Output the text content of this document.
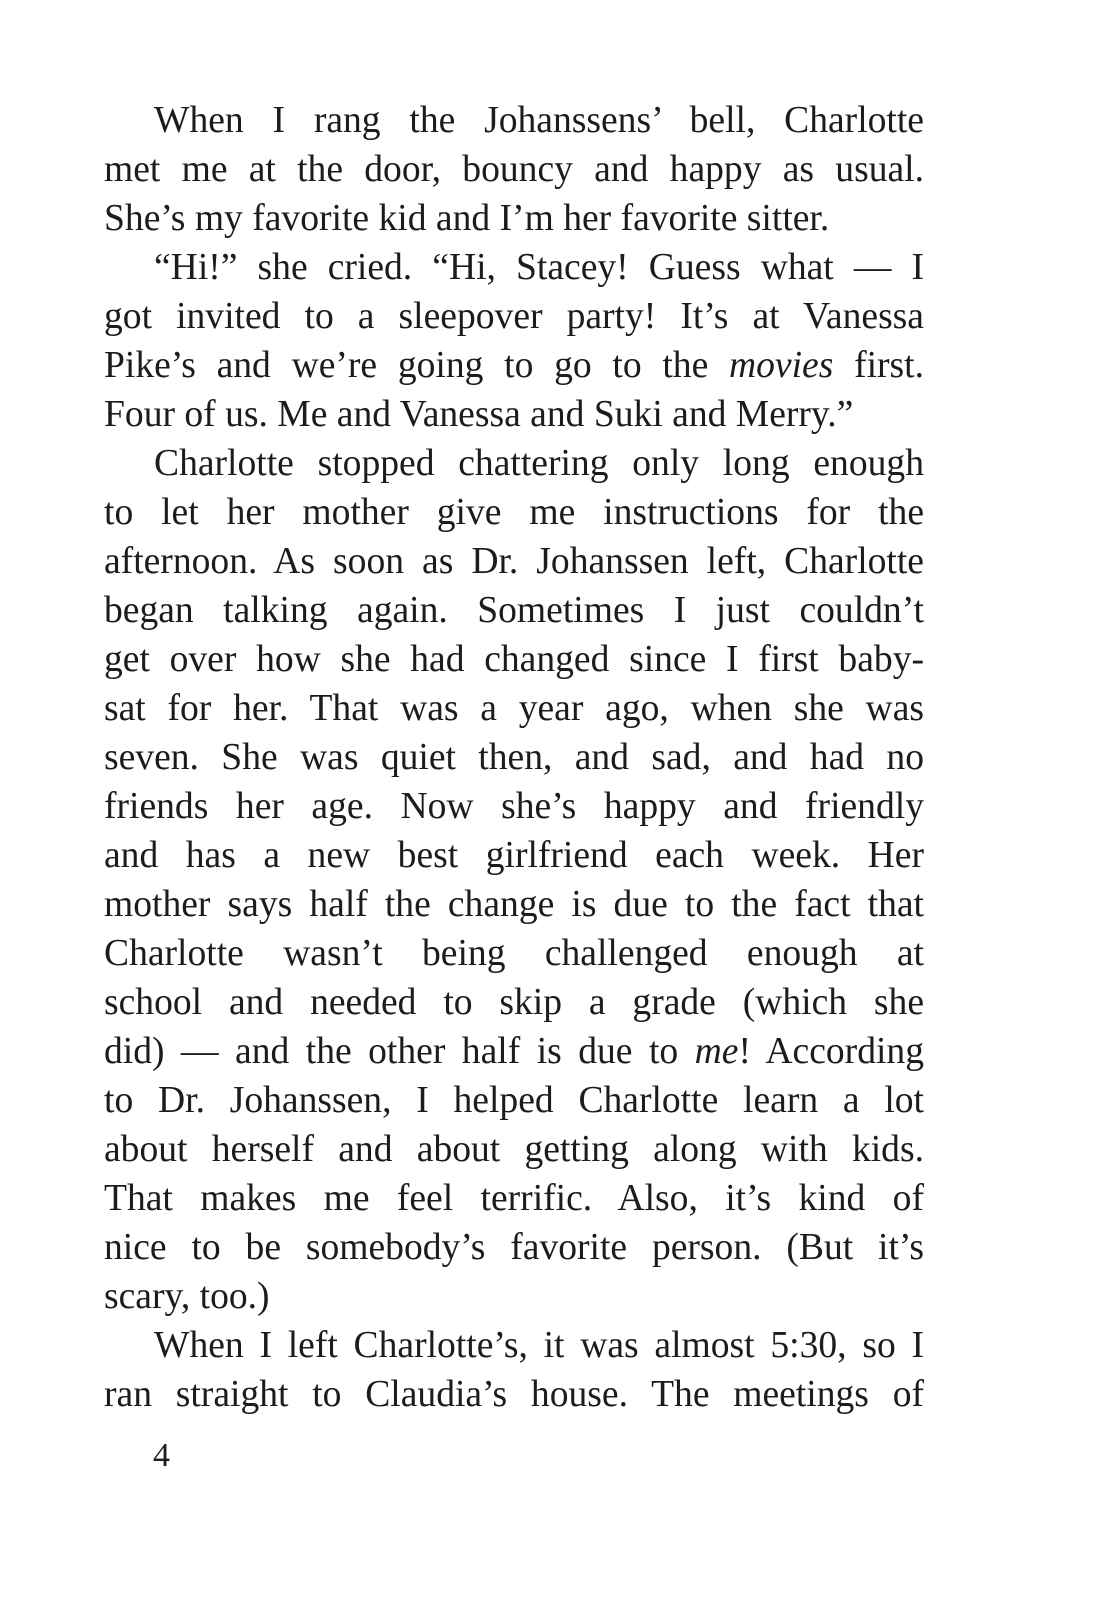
When I rang the Johanssens’ bell, Charlotte
met me at the door, bouncy and happy as usual.
She’s my favorite kid and I’m her favorite sitter.
“Hi!” she cried. “Hi, Stacey! Guess what — I
got invited to a sleepover party! It’s at Vanessa
Pike’s and we’re going to go to the movies first.
Four of us. Me and Vanessa and Suki and Merry.”
Charlotte stopped chattering only long enough
to let her mother give me instructions for the
afternoon. As soon as Dr. Johanssen left, Charlotte
began talking again. Sometimes I just couldn’t
get over how she had changed since I first baby-
sat for her. That was a year ago, when she was
seven. She was quiet then, and sad, and had no
friends her age. Now she’s happy and friendly
and has a new best girlfriend each week. Her
mother says half the change is due to the fact that
Charlotte wasn’t being challenged enough at
school and needed to skip a grade (which she
did) — and the other half is due to me! According
to Dr. Johanssen, I helped Charlotte learn a lot
about herself and about getting along with kids.
That makes me feel terrific. Also, it’s kind of
nice to be somebody’s favorite person. (But it’s
scary, too.)
When I left Charlotte’s, it was almost 5:30, so I
ran straight to Claudia’s house. The meetings of
4
